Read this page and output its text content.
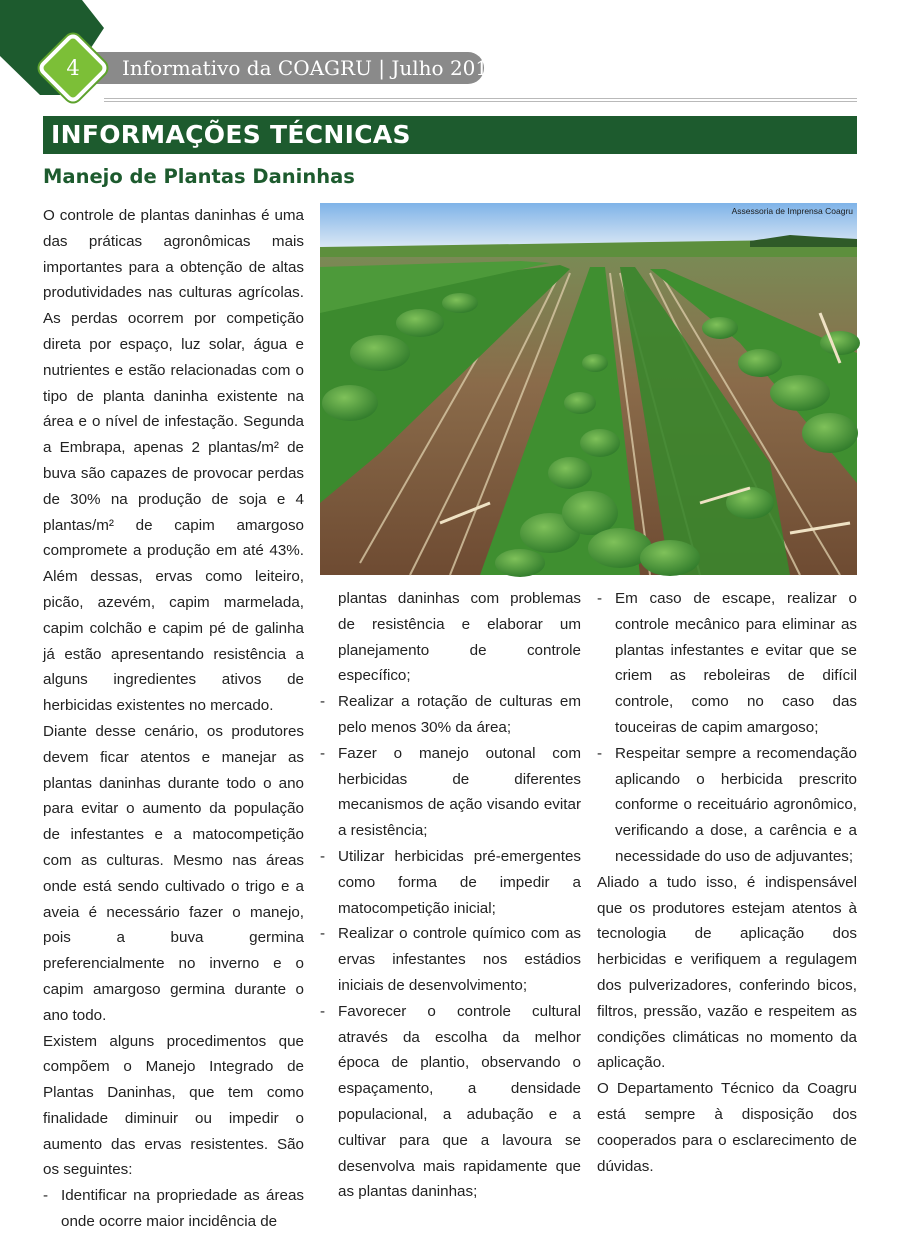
Informativo da COAGRU | Julho 2019
4
INFORMAÇÕES TÉCNICAS
Manejo de Plantas Daninhas
Assessoria de Imprensa Coagru

O controle de plantas daninhas é uma das práticas agronômicas mais importantes para a obtenção de altas produtividades nas culturas agrícolas. As perdas ocorrem por competição direta por espaço, luz solar, água e nutrientes e estão relacionadas com o tipo de planta daninha existente na área e o nível de infestação. Segunda a Embrapa, apenas 2 plantas/m² de buva são capazes de provocar perdas de 30% na produção de soja e 4 plantas/m² de capim amargoso compromete a produção em até 43%. Além dessas, ervas como leiteiro, picão, azevém, capim marmelada, capim colchão e capim pé de galinha já estão apresentando resistência a alguns ingredientes ativos de herbicidas existentes no mercado.

Diante desse cenário, os produtores devem ficar atentos e manejar as plantas daninhas durante todo o ano para evitar o aumento da população de infestantes e a matocompetição com as culturas. Mesmo nas áreas onde está sendo cultivado o trigo e a aveia é necessário fazer o manejo, pois a buva germina preferencialmente no inverno e o capim amargoso germina durante o ano todo.

Existem alguns procedimentos que compõem o Manejo Integrado de Plantas Daninhas, que tem como finalidade diminuir ou impedir o aumento das ervas resistentes. São os seguintes:

- Identificar na propriedade as áreas onde ocorre maior incidência de

plantas daninhas com problemas de resistência e elaborar um planejamento de controle específico;

- Realizar a rotação de culturas em pelo menos 30% da área;

- Fazer o manejo outonal com herbicidas de diferentes mecanismos de ação visando evitar a resistência;

- Utilizar herbicidas pré-emergentes como forma de impedir a matocompetição inicial;

- Realizar o controle químico com as ervas infestantes nos estádios iniciais de desenvolvimento;

- Favorecer o controle cultural através da escolha da melhor época de plantio, observando o espaçamento, a densidade populacional, a adubação e a cultivar para que a lavoura se desenvolva mais rapidamente que as plantas daninhas;

- Em caso de escape, realizar o controle mecânico para eliminar as plantas infestantes e evitar que se criem as reboleiras de difícil controle, como no caso das touceiras de capim amargoso;

- Respeitar sempre a recomendação aplicando o herbicida prescrito conforme o receituário agronômico, verificando a dose, a carência e a necessidade do uso de adjuvantes;

Aliado a tudo isso, é indispensável que os produtores estejam atentos à tecnologia de aplicação dos herbicidas e verifiquem a regulagem dos pulverizadores, conferindo bicos, filtros, pressão, vazão e respeitem as condições climáticas no momento da aplicação.

O Departamento Técnico da Coagru está sempre à disposição dos cooperados para o esclarecimento de dúvidas.
